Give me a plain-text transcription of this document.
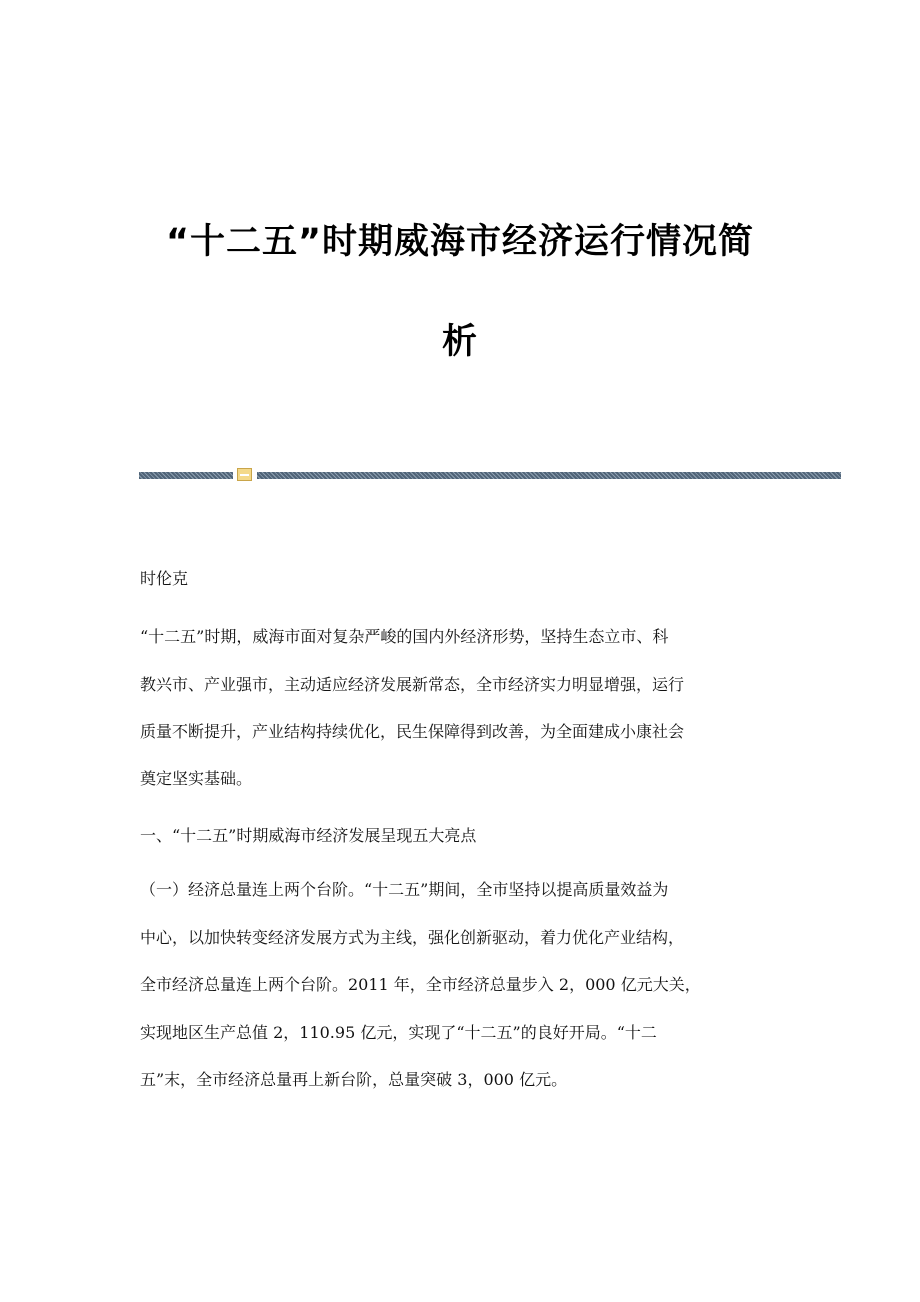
“十二五”时期威海市经济运行情况简
析

时伦克

“十二五”时期，威海市面对复杂严峻的国内外经济形势，坚持生态立市、科

教兴市、产业强市，主动适应经济发展新常态，全市经济实力明显增强，运行

质量不断提升，产业结构持续优化，民生保障得到改善，为全面建成小康社会

奠定坚实基础。

一、“十二五”时期威海市经济发展呈现五大亮点

（一）经济总量连上两个台阶。“十二五”期间，全市坚持以提高质量效益为

中心，以加快转变经济发展方式为主线，强化创新驱动，着力优化产业结构，

全市经济总量连上两个台阶。2011 年，全市经济总量步入 2，000 亿元大关，

实现地区生产总值 2，110.95 亿元，实现了“十二五”的良好开局。“十二

五”末，全市经济总量再上新台阶，总量突破 3，000 亿元。
